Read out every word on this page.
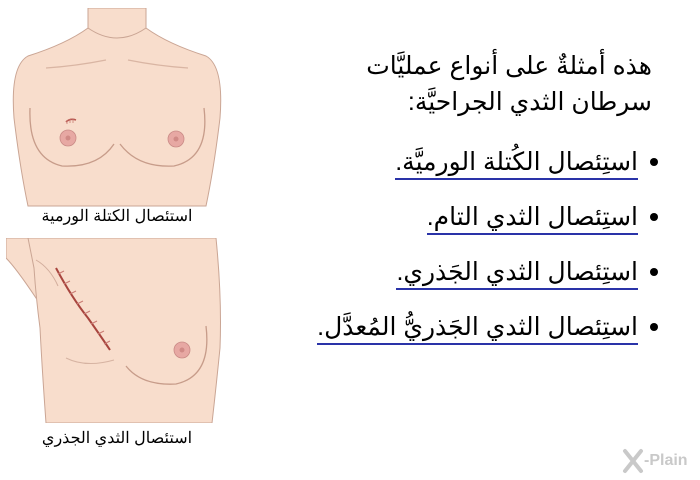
استئصال الكتلة الورمية
استئصال الثدي الجذري
هذه أمثلةٌ على أنواع عمليَّات
سرطان الثدي الجراحيَّة:
استِئصال الكُتلة الورميَّة.
استِئصال الثدي التام.
استِئصال الثدي الجَذري.
استِئصال الثدي الجَذريُّ المُعدَّل.
-Plain
